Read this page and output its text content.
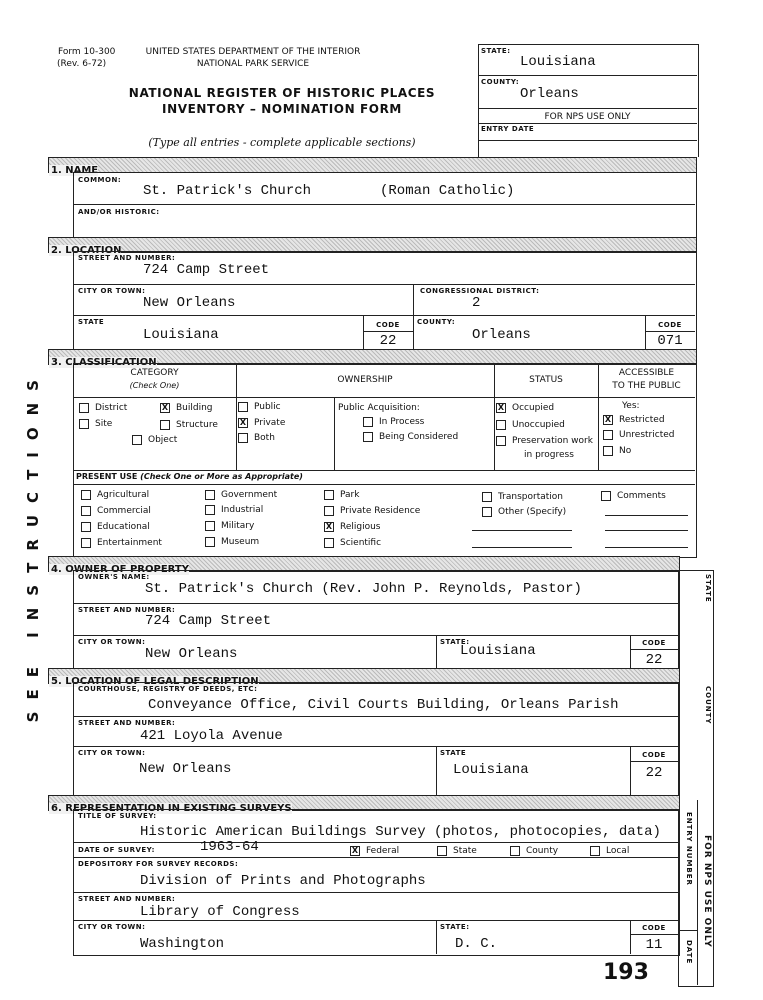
Form 10-300
(Rev. 6-72)
UNITED STATES DEPARTMENT OF THE INTERIOR
NATIONAL PARK SERVICE
NATIONAL REGISTER OF HISTORIC PLACES
INVENTORY – NOMINATION FORM
(Type all entries - complete applicable sections)
STATE:
Louisiana
COUNTY:
Orleans
FOR NPS USE ONLY
ENTRY DATE
SEE INSTRUCTIONS
1. NAME
COMMON:
St. Patrick's Church	(Roman Catholic)
AND/OR HISTORIC:
2. LOCATION
STREET AND NUMBER:
724 Camp Street
CITY OR TOWN:
New Orleans
CONGRESSIONAL DISTRICT:
2
STATE
Louisiana
CODE
22
COUNTY:
Orleans
CODE
071
3. CLASSIFICATION
CATEGORY
(Check One)
OWNERSHIP	STATUS
ACCESSIBLE
TO THE PUBLIC
District	X Building
Site	Structure
Object
Public
X Private
Both
Public Acquisition:
In Process
Being Considered
X Occupied
Unoccupied
Preservation work
in progress
Yes:
X Restricted
Unrestricted
No
PRESENT USE (Check One or More as Appropriate)
Agricultural
Commercial
Educational
Entertainment
Government
Industrial
Military
Museum
Park
Private Residence
X Religious
Scientific
Transportation
Other (Specify)
Comments
STATE
COUNTY
ENTRY NUMBER FOR NPS USE ONLY
DATE
4. OWNER OF PROPERTY
OWNER'S NAME:
St. Patrick's Church (Rev. John P. Reynolds, Pastor)
STREET AND NUMBER:
724 Camp Street
CITY OR TOWN:
New Orleans
STATE:
Louisiana	CODE
22
5. LOCATION OF LEGAL DESCRIPTION
COURTHOUSE, REGISTRY OF DEEDS, ETC:
Conveyance Office, Civil Courts Building, Orleans Parish
STREET AND NUMBER:
421 Loyola Avenue
CITY OR TOWN:
New Orleans
STATE
Louisiana
CODE
22
6. REPRESENTATION IN EXISTING SURVEYS
TITLE OF SURVEY:
Historic American Buildings Survey (photos, photocopies, data)
DATE OF SURVEY:	1963-64	X Federal	State	County	Local
DEPOSITORY FOR SURVEY RECORDS:
Division of Prints and Photographs
STREET AND NUMBER:
Library of Congress
CITY OR TOWN:
Washington
STATE:
D. C.
CODE
11
193
